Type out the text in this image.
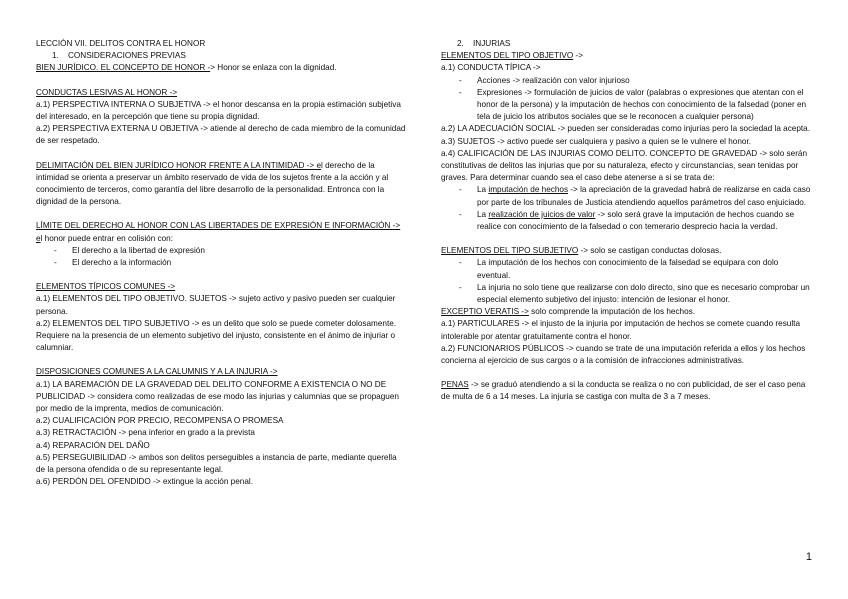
LECCIÓN VII. DELITOS CONTRA EL HONOR

1. CONSIDERACIONES PREVIAS

BIEN JURÍDICO. EL CONCEPTO DE HONOR -> Honor se enlaza con la dignidad.

CONDUCTAS LESIVAS AL HONOR ->

a.1) PERSPECTIVA INTERNA O SUBJETIVA -> el honor descansa en la propia estimación subjetiva del interesado, en la percepción que tiene su propia dignidad.

a.2) PERSPECTIVA EXTERNA U OBJETIVA -> atiende al derecho de cada miembro de la comunidad de ser respetado.

DELIMITACIÓN DEL BIEN JURÍDICO HONOR FRENTE A LA INTIMIDAD -> el derecho de la intimidad se orienta a preservar un ámbito reservado de vida de los sujetos frente a la acción y al conocimiento de terceros, como garantía del libre desarrollo de la personalidad. Entronca con la dignidad de la persona.

LÍMITE DEL DERECHO AL HONOR CON LAS LIBERTADES DE EXPRESIÓN E INFORMACIÓN -> el honor puede entrar en colisión con:

- El derecho a la libertad de expresión
- El derecho a la información

ELEMENTOS TÍPICOS COMUNES ->

a.1) ELEMENTOS DEL TIPO OBJETIVO. SUJETOS -> sujeto activo y pasivo pueden ser cualquier persona.

a.2) ELEMENTOS DEL TIPO SUBJETIVO -> es un delito que solo se puede cometer dolosamente. Requiere na la presencia de un elemento subjetivo del injusto, consistente en el ánimo de injuriar o calumniar.

DISPOSICIONES COMUNES A LA CALUMNIS Y A LA INJURIA ->

a.1) LA BAREMACIÓN DE LA GRAVEDAD DEL DELITO CONFORME A EXISTENCIA O NO DE PUBLICIDAD -> considera como realizadas de ese modo las injurias y calumnias que se propaguen por medio de la imprenta, medios de comunicación.

a.2) CUALIFICACIÓN POR PRECIO, RECOMPENSA O PROMESA

a.3) RETRACTACIÓN -> pena inferior en grado a la prevista

a.4) REPARACIÓN DEL DAÑO

a.5) PERSEGUIBILIDAD -> ambos son delitos perseguibles a instancia de parte, mediante querella de la persona ofendida o de su representante legal.

a.6) PERDÓN DEL OFENDIDO -> extingue la acción penal.

2. INJURIAS

ELEMENTOS DEL TIPO OBJETIVO ->

a.1) CONDUCTA TÍPICA ->

- Acciones -> realización con valor injurioso
- Expresiones -> formulación de juicios de valor (palabras o expresiones que atentan con el honor de la persona) y la imputación de hechos con conocimiento de la falsedad (poner en tela de juicio los atributos sociales que se le reconocen a cualquier persona)

a.2) LA ADECUACIÓN SOCIAL -> pueden ser consideradas como injurias pero la sociedad la acepta.

a.3) SUJETOS -> activo puede ser cualquiera y pasivo a quien se le vulnere el honor.

a.4) CALIFICACIÓN DE LAS INJURIAS COMO DELITO. CONCEPTO DE GRAVEDAD -> solo serán constitutivas de delitos las injurias que por su naturaleza, efecto y circunstancias, sean tenidas por graves. Para determinar cuando sea el caso debe atenerse a si se trata de:

- La imputación de hechos -> la apreciación de la gravedad habrá de realizarse en cada caso por parte de los tribunales de Justicia atendiendo aquellos parámetros del caso enjuiciado.
- La realización de juicios de valor -> solo será grave la imputación de hechos cuando se realice con conocimiento de la falsedad o con temerario desprecio hacia la verdad.

ELEMENTOS DEL TIPO SUBJETIVO -> solo se castigan conductas dolosas.

- La imputación de los hechos con conocimiento de la falsedad se equipara con dolo eventual.
- La injuria no solo tiene que realizarse con dolo directo, sino que es necesario comprobar un especial elemento subjetivo del injusto: intención de lesionar el honor.

EXCEPTIO VERATIS -> solo comprende la imputación de los hechos.

a.1) PARTICULARES -> el injusto de la injuria por imputación de hechos se comete cuando resulta intolerable por atentar gratuitamente contra el honor.

a.2) FUNCIONARIOS PÚBLICOS -> cuando se trate de una imputación referida a ellos y los hechos concierna al ejercicio de sus cargos o a la comisión de infracciones administrativas.

PENAS -> se graduó atendiendo a si la conducta se realiza o no con publicidad, de ser el caso pena de multa de 6 a 14 meses. La injuria se castiga con multa de 3 a 7 meses.

1
